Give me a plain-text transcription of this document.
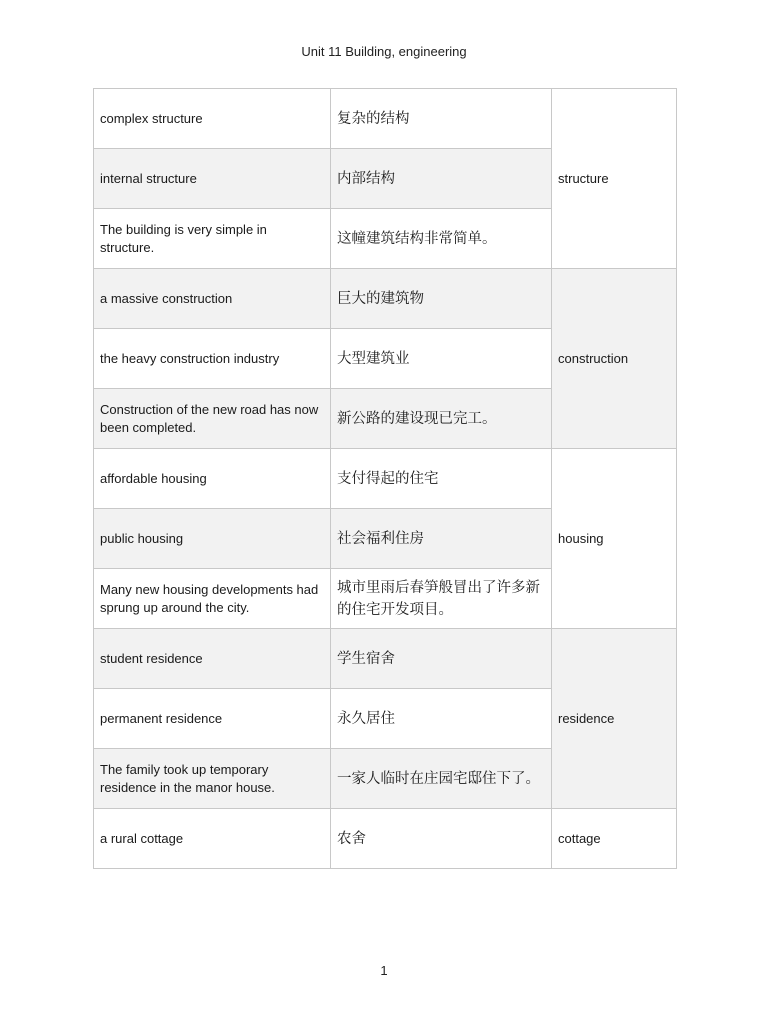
Unit 11 Building, engineering
complex structure	复杂的结构	structure
internal structure	内部结构	
The building is very simple in structure.	这幢建筑结构非常简单。	
a massive construction	巨大的建筑物	construction
the heavy construction industry	大型建筑业	
Construction of the new road has now been completed.	新公路的建设现已完工。	
affordable housing	支付得起的住宅	housing
public housing	社会福利住房	
Many new housing developments had sprung up around the city.	城市里雨后春笋般冒出了许多新的住宅开发项目。	
student residence	学生宿舍	residence
permanent residence	永久居住	
The family took up temporary residence in the manor house.	一家人临时在庄园宅邸住下了。	
a rural cottage	农舍	cottage
1
